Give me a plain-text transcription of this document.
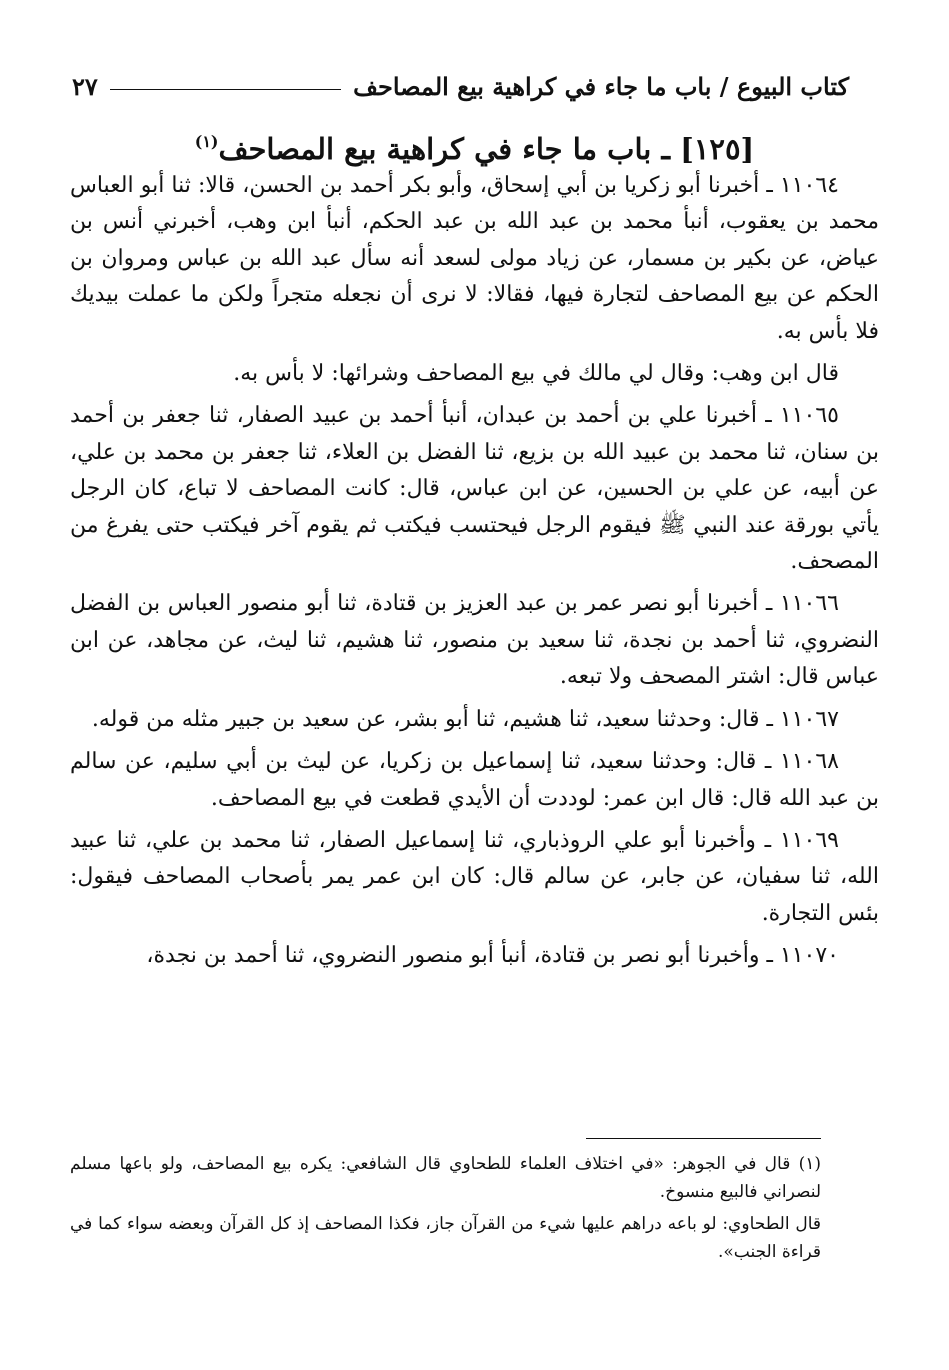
كتاب البيوع / باب ما جاء في كراهية بيع المصاحف
٢٧
[١٢٥] ـ باب ما جاء في كراهية بيع المصاحف$^{(١)}$

١١٠٦٤ ـ أخبرنا أبو زكريا بن أبي إسحاق، وأبو بكر أحمد بن الحسن، قالا: ثنا أبو العباس محمد بن يعقوب، أنبأ محمد بن عبد الله بن عبد الحكم، أنبأ ابن وهب، أخبرني أنس بن عياض، عن بكير بن مسمار، عن زياد مولى لسعد أنه سأل عبد الله بن عباس ومروان بن الحكم عن بيع المصاحف لتجارة فيها، فقالا: لا نرى أن نجعله متجراً ولكن ما عملت بيديك فلا بأس به.

قال ابن وهب: وقال لي مالك في بيع المصاحف وشرائها: لا بأس به.

١١٠٦٥ ـ أخبرنا علي بن أحمد بن عبدان، أنبأ أحمد بن عبيد الصفار، ثنا جعفر بن أحمد بن سنان، ثنا محمد بن عبيد الله بن بزيع، ثنا الفضل بن العلاء، ثنا جعفر بن محمد بن علي، عن أبيه، عن علي بن الحسين، عن ابن عباس، قال: كانت المصاحف لا تباع، كان الرجل يأتي بورقة عند النبي ﷺ فيقوم الرجل فيحتسب فيكتب ثم يقوم آخر فيكتب حتى يفرغ من المصحف.

١١٠٦٦ ـ أخبرنا أبو نصر عمر بن عبد العزيز بن قتادة، ثنا أبو منصور العباس بن الفضل النضروي، ثنا أحمد بن نجدة، ثنا سعيد بن منصور، ثنا هشيم، ثنا ليث، عن مجاهد، عن ابن عباس قال: اشتر المصحف ولا تبعه.

١١٠٦٧ ـ قال: وحدثنا سعيد، ثنا هشيم، ثنا أبو بشر، عن سعيد بن جبير مثله من قوله.

١١٠٦٨ ـ قال: وحدثنا سعيد، ثنا إسماعيل بن زكريا، عن ليث بن أبي سليم، عن سالم بن عبد الله قال: قال ابن عمر: لوددت أن الأيدي قطعت في بيع المصاحف.

١١٠٦٩ ـ وأخبرنا أبو علي الروذباري، ثنا إسماعيل الصفار، ثنا محمد بن علي، ثنا عبيد الله، ثنا سفيان، عن جابر، عن سالم قال: كان ابن عمر يمر بأصحاب المصاحف فيقول: بئس التجارة.

١١٠٧٠ ـ وأخبرنا أبو نصر بن قتادة، أنبأ أبو منصور النضروي، ثنا أحمد بن نجدة،

(١) قال في الجوهر: «في اختلاف العلماء للطحاوي قال الشافعي: يكره بيع المصاحف، ولو باعها مسلم لنصراني فالبيع منسوخ.

قال الطحاوي: لو باعه دراهم عليها شيء من القرآن جاز، فكذا المصاحف إذ كل القرآن وبعضه سواء كما في قراءة الجنب».
